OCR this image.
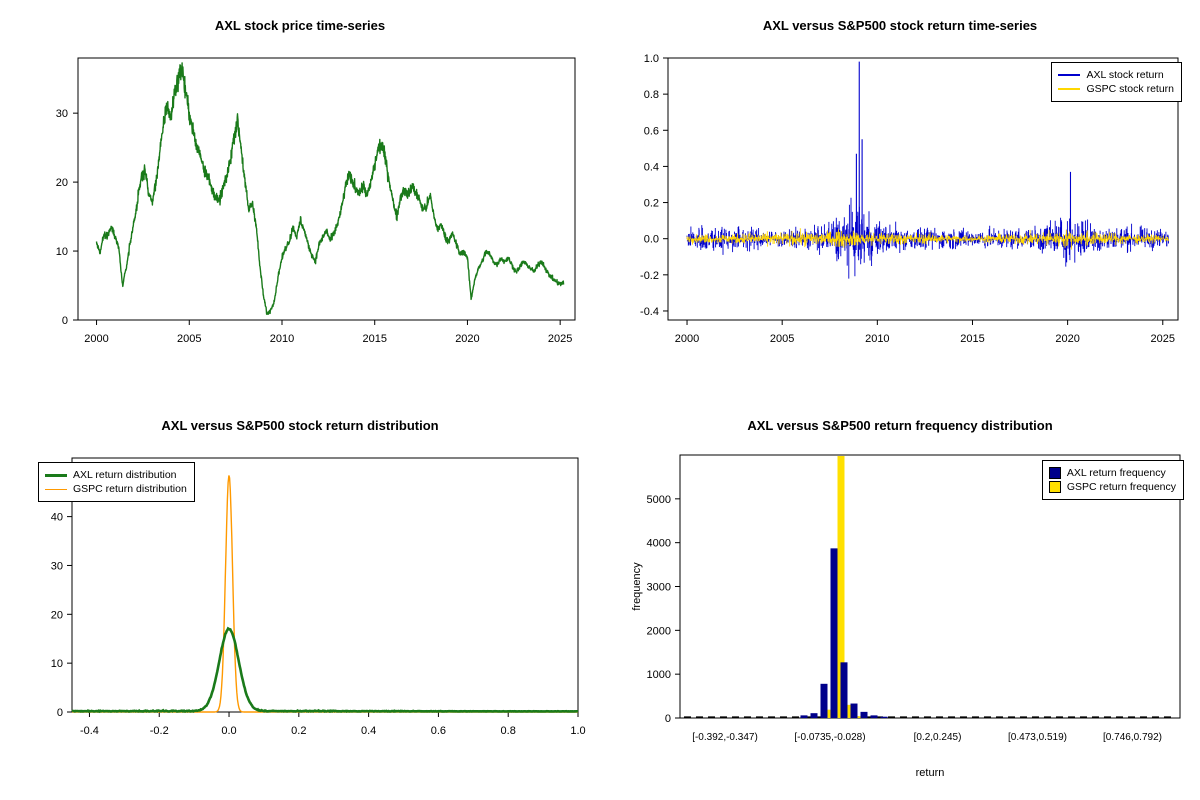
AXL stock price time-series
0
10
20
30
2000	2005	2010	2015	2020	2025
AXL versus S&P500 stock return time-series
-0.4
-0.2
0.0
0.2
0.4
0.6
0.8
1.0
2000	2005	2010	2015	2020	2025
AXL stock return
GSPC stock return
AXL versus S&P500 stock return distribution
0
10
20
30
40
-0.4	-0.2	0.0	0.2	0.4	0.6	0.8	1.0
AXL return distribution
GSPC return distribution
AXL versus S&P500 return frequency distribution
0
1000
2000
3000
4000
5000
frequency
[-0.392,-0.347)	[-0.0735,-0.028)	[0.2,0.245)	[0.473,0.519)	[0.746,0.792)
return
AXL return frequency
GSPC return frequency
